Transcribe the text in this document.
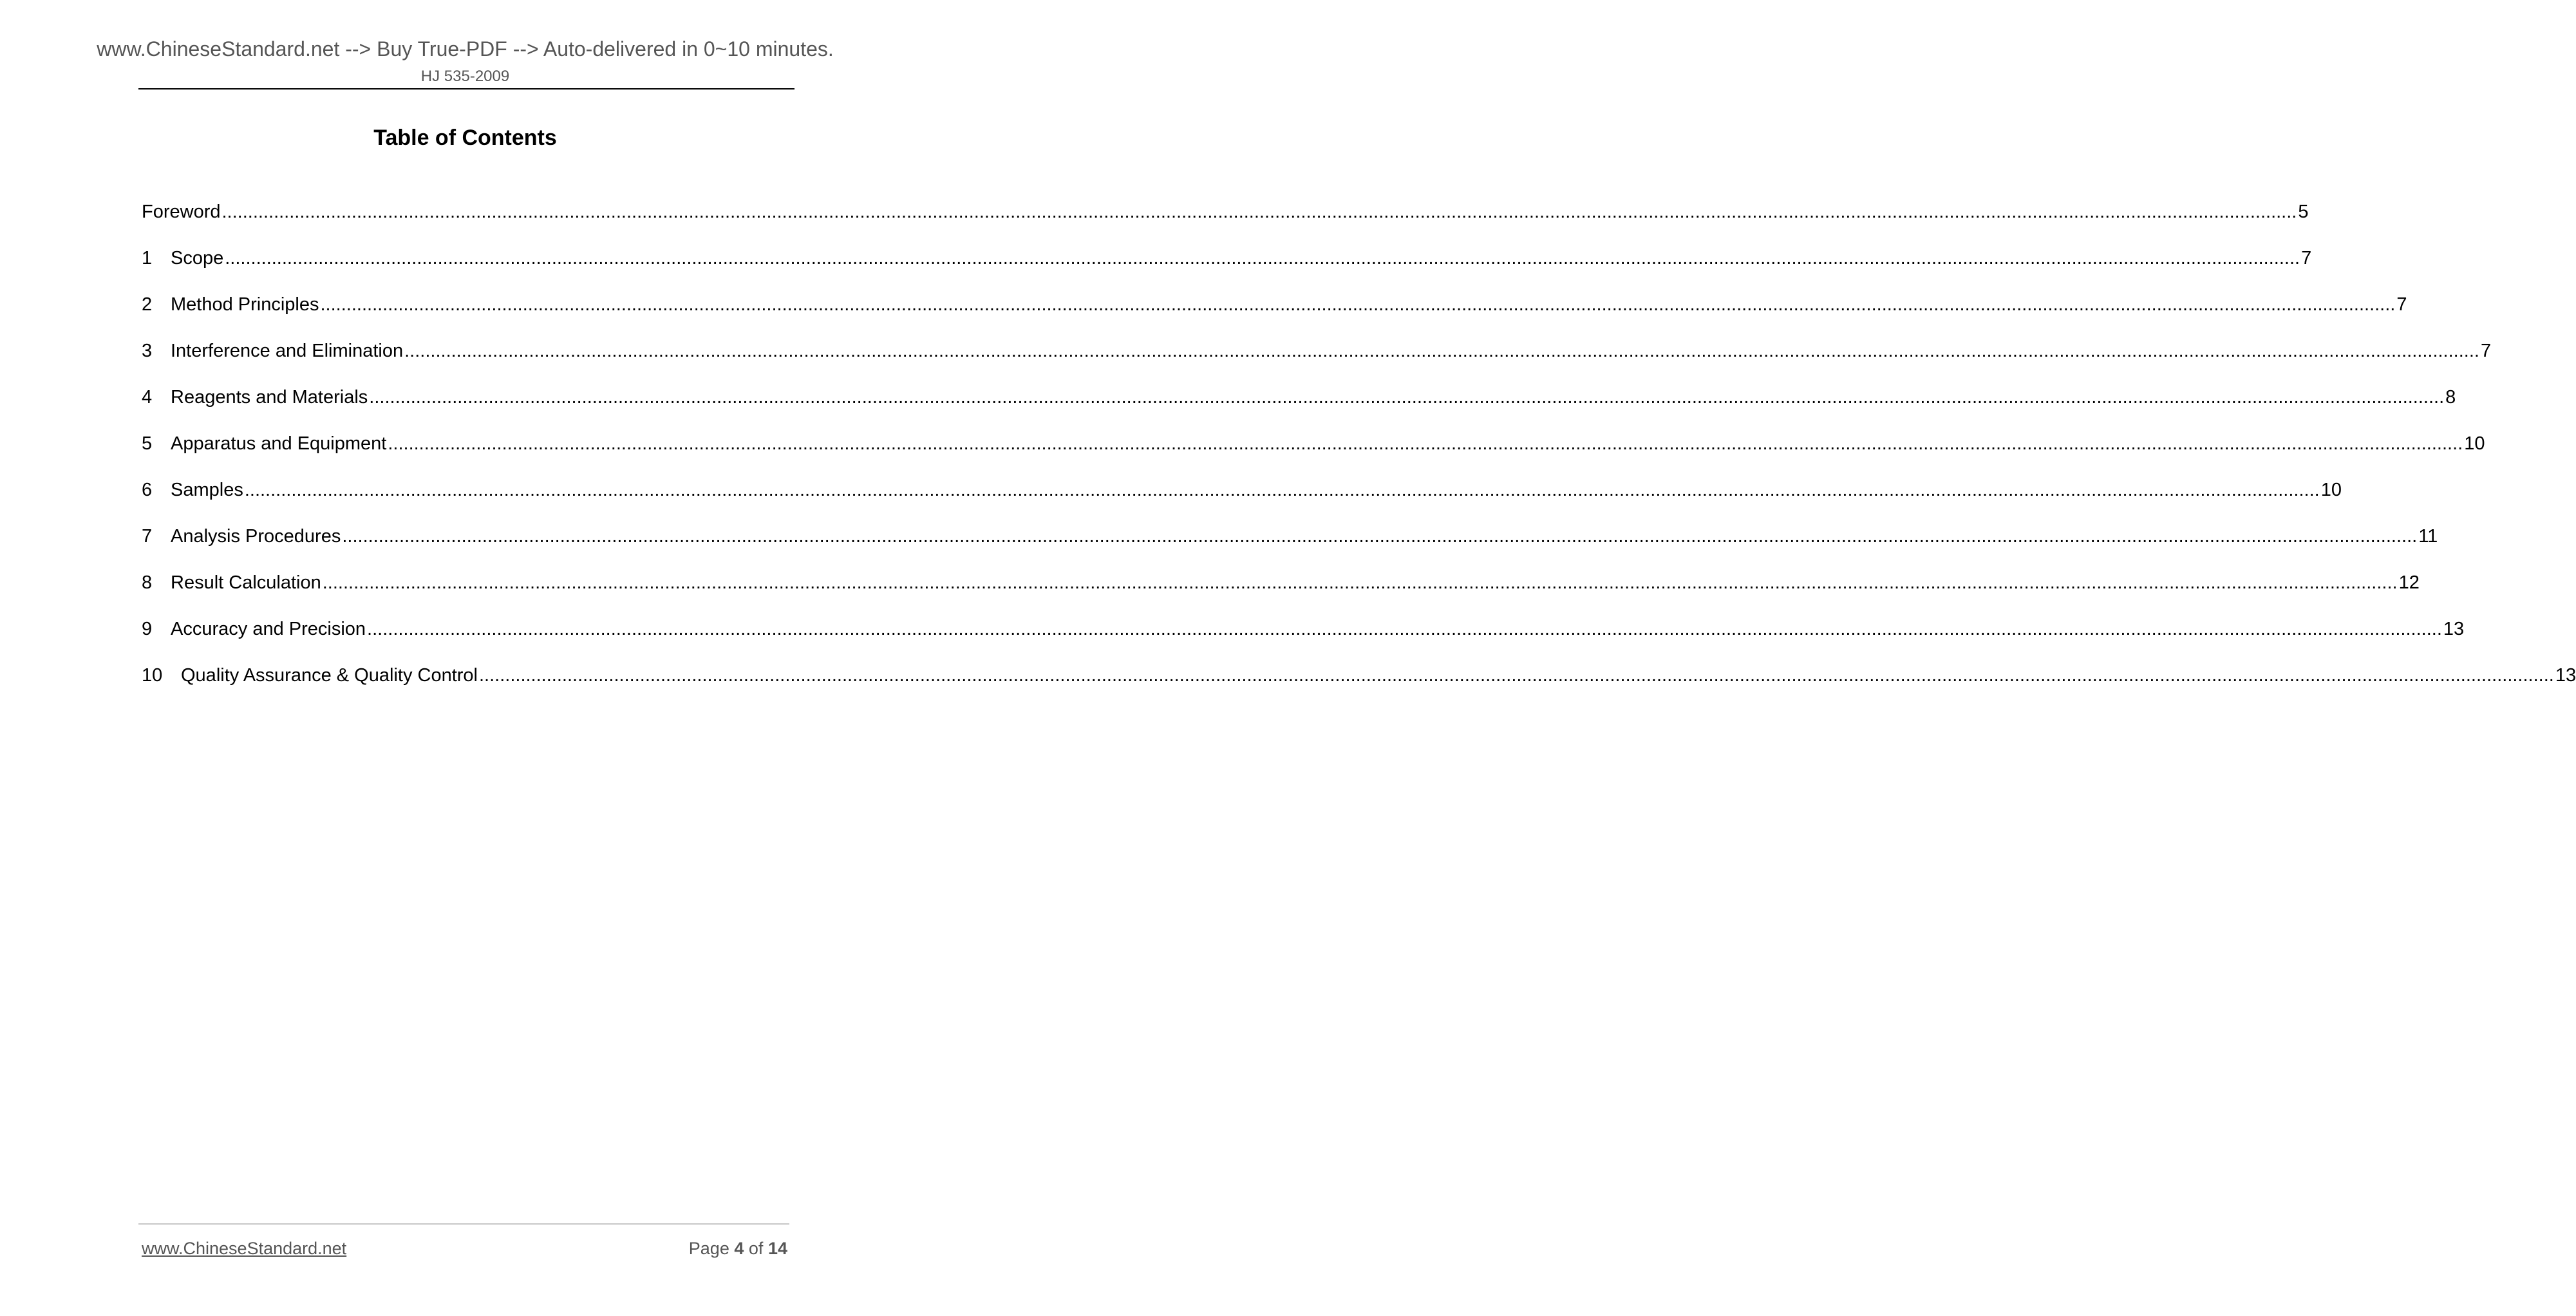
www.ChineseStandard.net --> Buy True-PDF --> Auto-delivered in 0~10 minutes.
HJ 535-2009
Table of Contents
Foreword ................................................................................................................................................................................................................................................................................................................................................................................................................ 5
1 Scope ................................................................................................................................................................................................................................................................................................................................................................................................................ 7
2 Method Principles ................................................................................................................................................................................................................................................................................................................................................................................................................ 7
3 Interference and Elimination ................................................................................................................................................................................................................................................................................................................................................................................................................ 7
4 Reagents and Materials ................................................................................................................................................................................................................................................................................................................................................................................................................ 8
5 Apparatus and Equipment ................................................................................................................................................................................................................................................................................................................................................................................................................ 10
6 Samples ................................................................................................................................................................................................................................................................................................................................................................................................................ 10
7 Analysis Procedures ................................................................................................................................................................................................................................................................................................................................................................................................................ 11
8 Result Calculation ................................................................................................................................................................................................................................................................................................................................................................................................................ 12
9 Accuracy and Precision ................................................................................................................................................................................................................................................................................................................................................................................................................ 13
10 Quality Assurance & Quality Control ................................................................................................................................................................................................................................................................................................................................................................................................................ 13
www.ChineseStandard.net	Page 4 of 14
